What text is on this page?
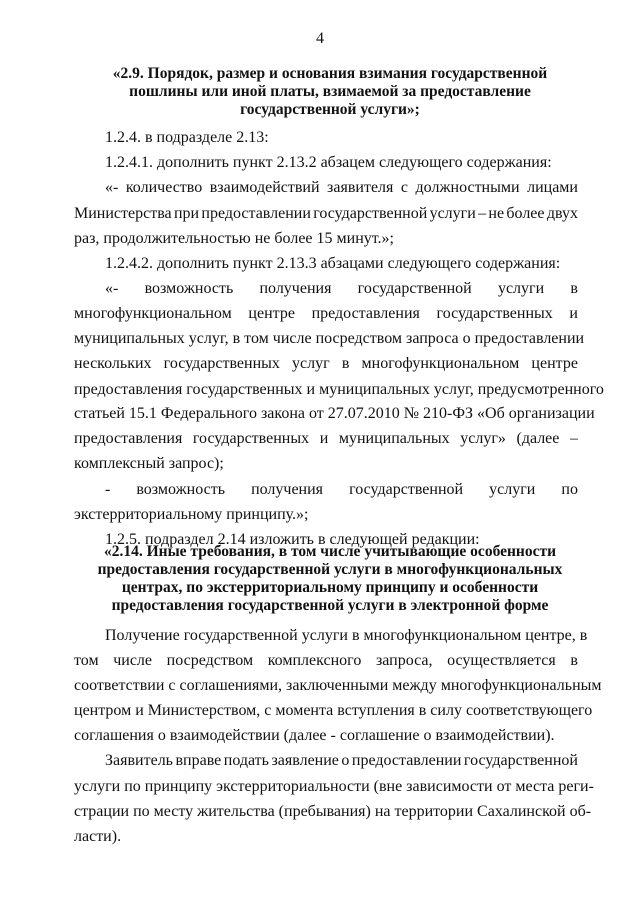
4
«2.9. Порядок, размер и основания взимания государственной
пошлины или иной платы, взимаемой за предоставление
государственной услуги»;
1.2.4. в подразделе 2.13:
1.2.4.1. дополнить пункт 2.13.2 абзацем следующего содержания:
«- количество взаимодействий заявителя с должностными лицами
Министерства при предоставлении государственной услуги – не более двух
раз, продолжительностью не более 15 минут.»;
1.2.4.2. дополнить пункт 2.13.3 абзацами следующего содержания:
«- возможность получения государственной услуги в
многофункциональном центре предоставления государственных и
муниципальных услуг, в том числе посредством запроса о предоставлении
нескольких государственных услуг в многофункциональном центре
предоставления государственных и муниципальных услуг, предусмотренного
статьей 15.1 Федерального закона от 27.07.2010 № 210-ФЗ «Об организации
предоставления государственных и муниципальных услуг» (далее –
комплексный запрос);
- возможность получения государственной услуги по
экстерриториальному принципу.»;
1.2.5. подраздел 2.14 изложить в следующей редакции:
«2.14. Иные требования, в том числе учитывающие особенности
предоставления государственной услуги в многофункциональных
центрах, по экстерриториальному принципу и особенности
предоставления государственной услуги в электронной форме
Получение государственной услуги в многофункциональном центре, в
том числе посредством комплексного запроса, осуществляется в
соответствии с соглашениями, заключенными между многофункциональным
центром и Министерством, с момента вступления в силу соответствующего
соглашения о взаимодействии (далее - соглашение о взаимодействии).
Заявитель вправе подать заявление о предоставлении государственной
услуги по принципу экстерриториальности (вне зависимости от места реги-
страции по месту жительства (пребывания) на территории Сахалинской об-
ласти).
